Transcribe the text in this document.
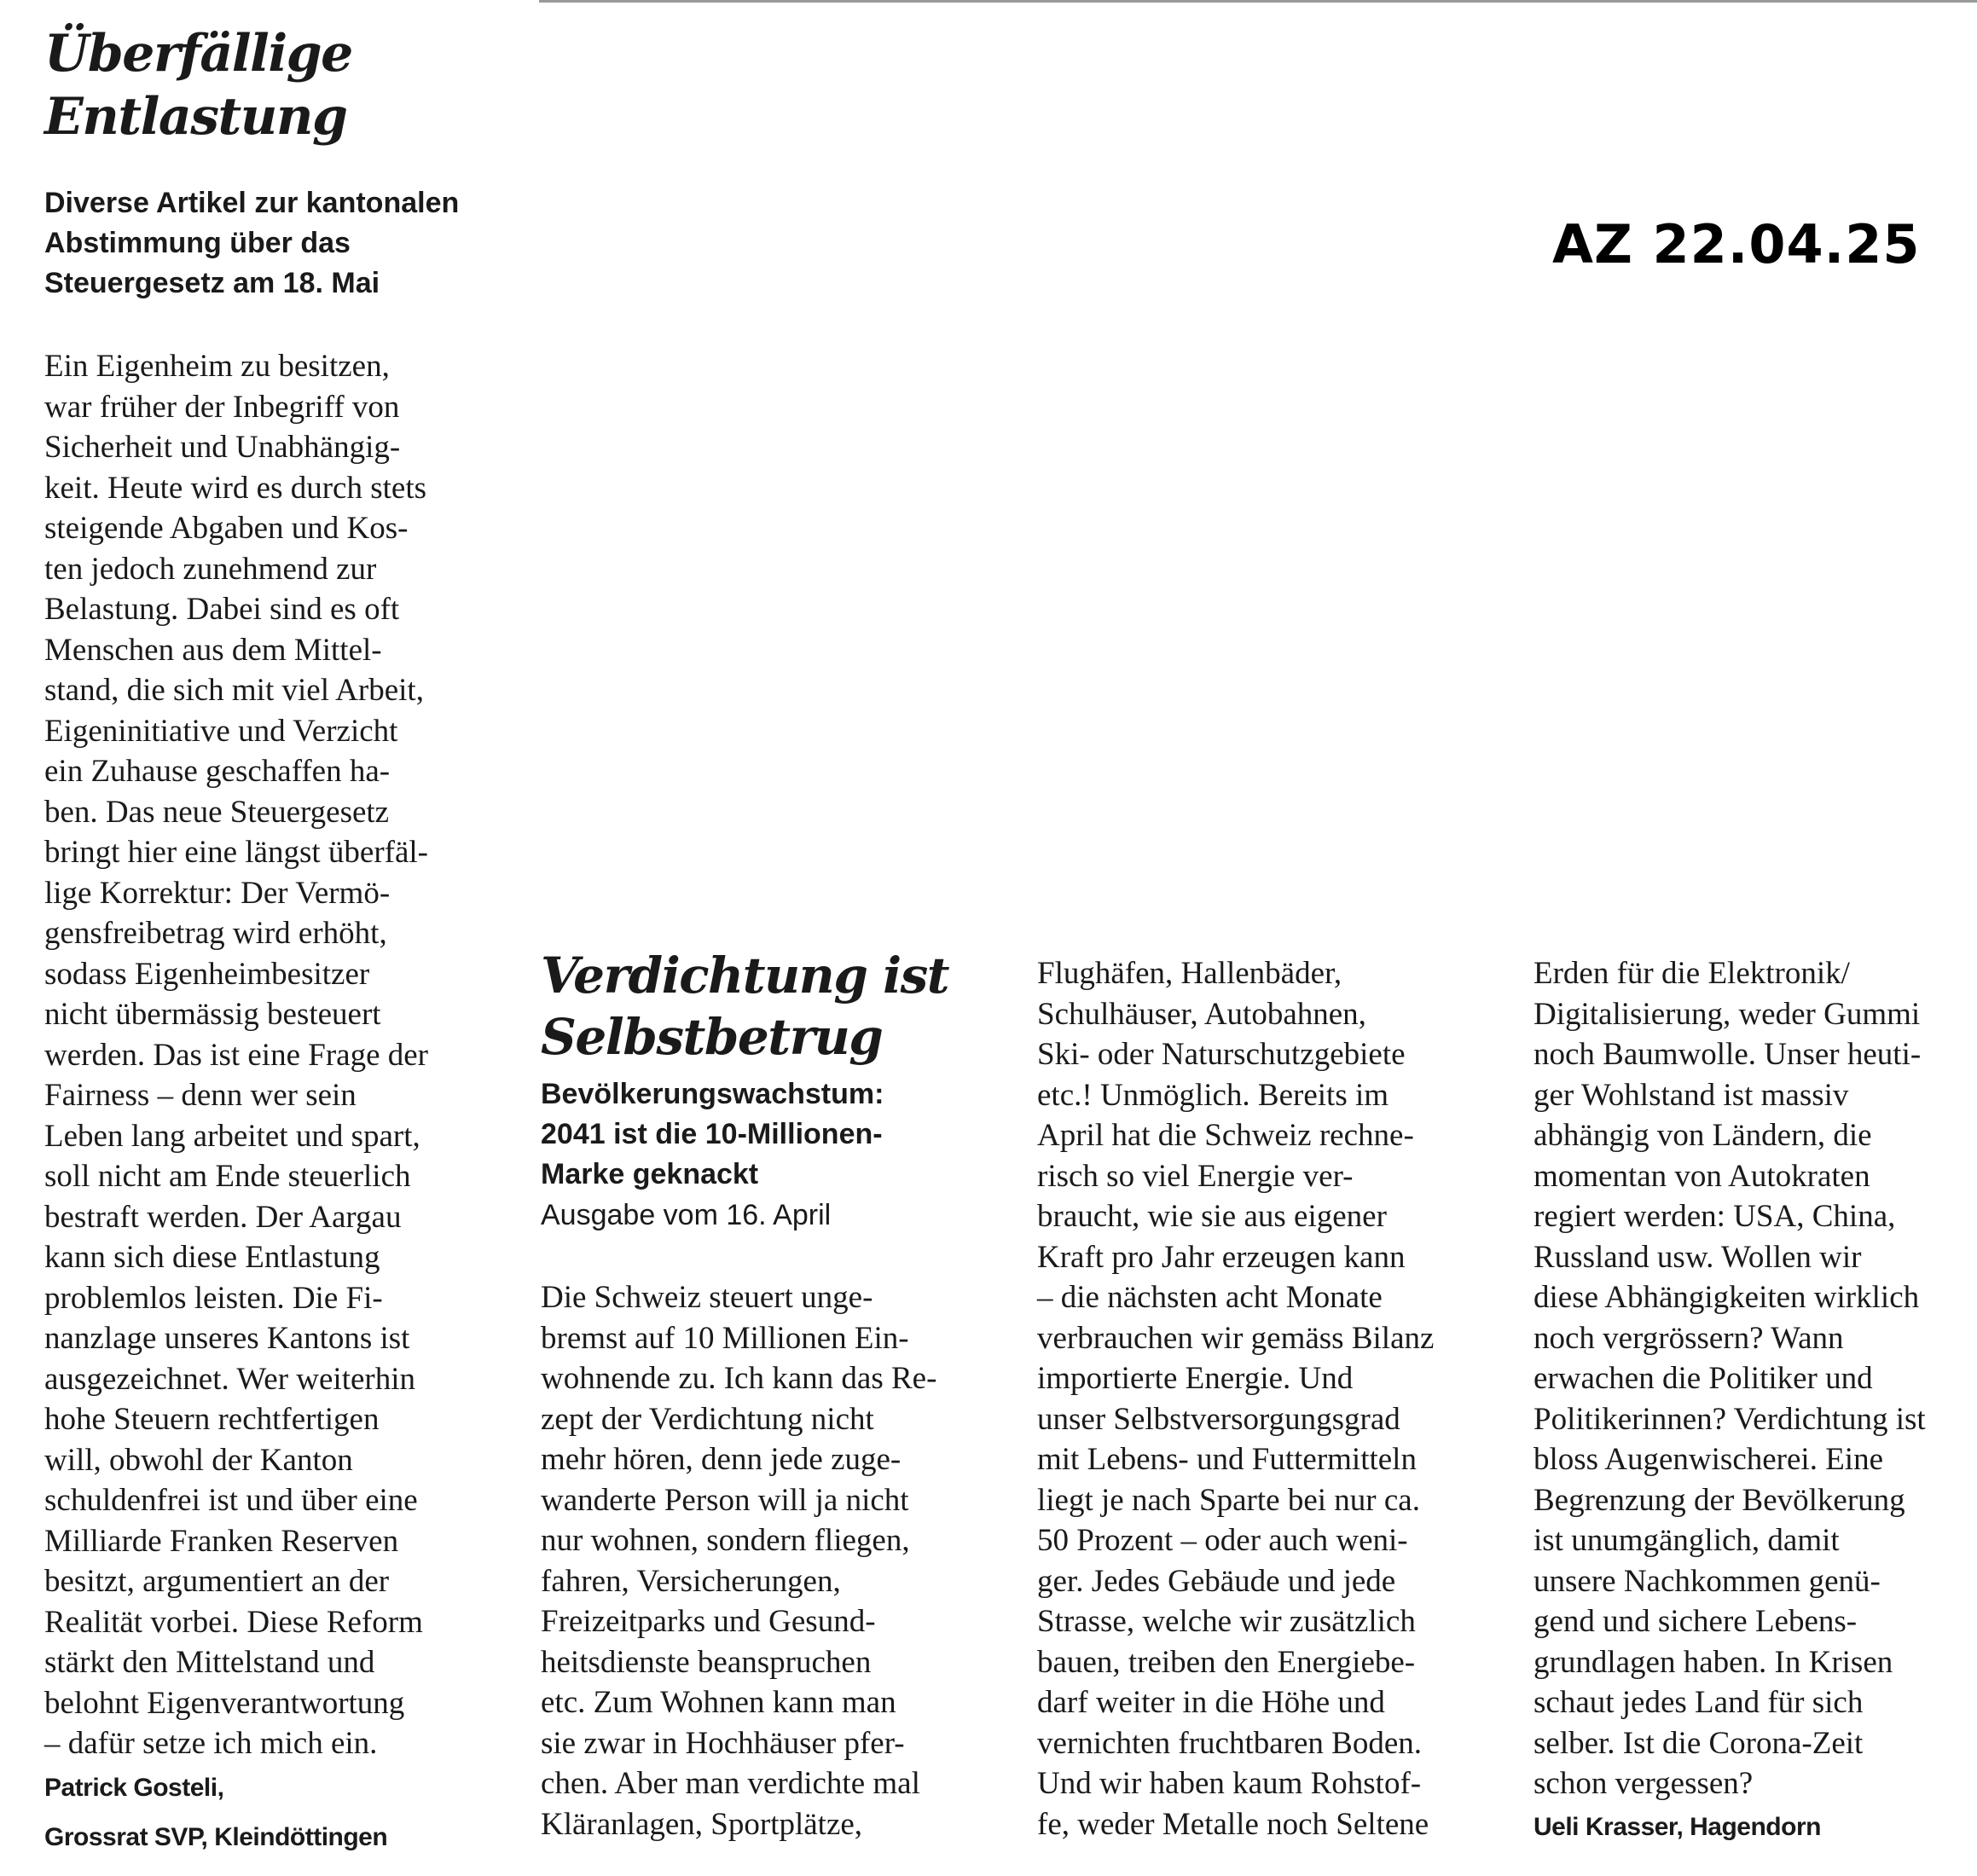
Überfällige
Entlastung
Diverse Artikel zur kantonalen
Abstimmung über das
Steuergesetz am 18. Mai
Ein Eigenheim zu besitzen,
war früher der Inbegriff von
Sicherheit und Unabhängig-
keit. Heute wird es durch stets
steigende Abgaben und Kos-
ten jedoch zunehmend zur
Belastung. Dabei sind es oft
Menschen aus dem Mittel-
stand, die sich mit viel Arbeit,
Eigeninitiative und Verzicht
ein Zuhause geschaffen ha-
ben. Das neue Steuergesetz
bringt hier eine längst überfäl-
lige Korrektur: Der Vermö-
gensfreibetrag wird erhöht,
sodass Eigenheimbesitzer
nicht übermässig besteuert
werden. Das ist eine Frage der
Fairness – denn wer sein
Leben lang arbeitet und spart,
soll nicht am Ende steuerlich
bestraft werden. Der Aargau
kann sich diese Entlastung
problemlos leisten. Die Fi-
nanzlage unseres Kantons ist
ausgezeichnet. Wer weiterhin
hohe Steuern rechtfertigen
will, obwohl der Kanton
schuldenfrei ist und über eine
Milliarde Franken Reserven
besitzt, argumentiert an der
Realität vorbei. Diese Reform
stärkt den Mittelstand und
belohnt Eigenverantwortung
– dafür setze ich mich ein.
Patrick Gosteli,
Grossrat SVP, Kleindöttingen
AZ 22.04.25
Verdichtung ist
Selbstbetrug
Bevölkerungswachstum:
2041 ist die 10-Millionen-
Marke geknackt
Ausgabe vom 16. April
Die Schweiz steuert unge-
bremst auf 10 Millionen Ein-
wohnende zu. Ich kann das Re-
zept der Verdichtung nicht
mehr hören, denn jede zuge-
wanderte Person will ja nicht
nur wohnen, sondern fliegen,
fahren, Versicherungen,
Freizeitparks und Gesund-
heitsdienste beanspruchen
etc. Zum Wohnen kann man
sie zwar in Hochhäuser pfer-
chen. Aber man verdichte mal
Kläranlagen, Sportplätze,
Flughäfen, Hallenbäder,
Schulhäuser, Autobahnen,
Ski- oder Naturschutzgebiete
etc.! Unmöglich. Bereits im
April hat die Schweiz rechne-
risch so viel Energie ver-
braucht, wie sie aus eigener
Kraft pro Jahr erzeugen kann
– die nächsten acht Monate
verbrauchen wir gemäss Bilanz
importierte Energie. Und
unser Selbstversorgungsgrad
mit Lebens- und Futtermitteln
liegt je nach Sparte bei nur ca.
50 Prozent – oder auch weni-
ger. Jedes Gebäude und jede
Strasse, welche wir zusätzlich
bauen, treiben den Energiebe-
darf weiter in die Höhe und
vernichten fruchtbaren Boden.
Und wir haben kaum Rohstof-
fe, weder Metalle noch Seltene
Erden für die Elektronik/
Digitalisierung, weder Gummi
noch Baumwolle. Unser heuti-
ger Wohlstand ist massiv
abhängig von Ländern, die
momentan von Autokraten
regiert werden: USA, China,
Russland usw. Wollen wir
diese Abhängigkeiten wirklich
noch vergrössern? Wann
erwachen die Politiker und
Politikerinnen? Verdichtung ist
bloss Augenwischerei. Eine
Begrenzung der Bevölkerung
ist unumgänglich, damit
unsere Nachkommen genü-
gend und sichere Lebens-
grundlagen haben. In Krisen
schaut jedes Land für sich
selber. Ist die Corona-Zeit
schon vergessen?
Ueli Krasser, Hagendorn
